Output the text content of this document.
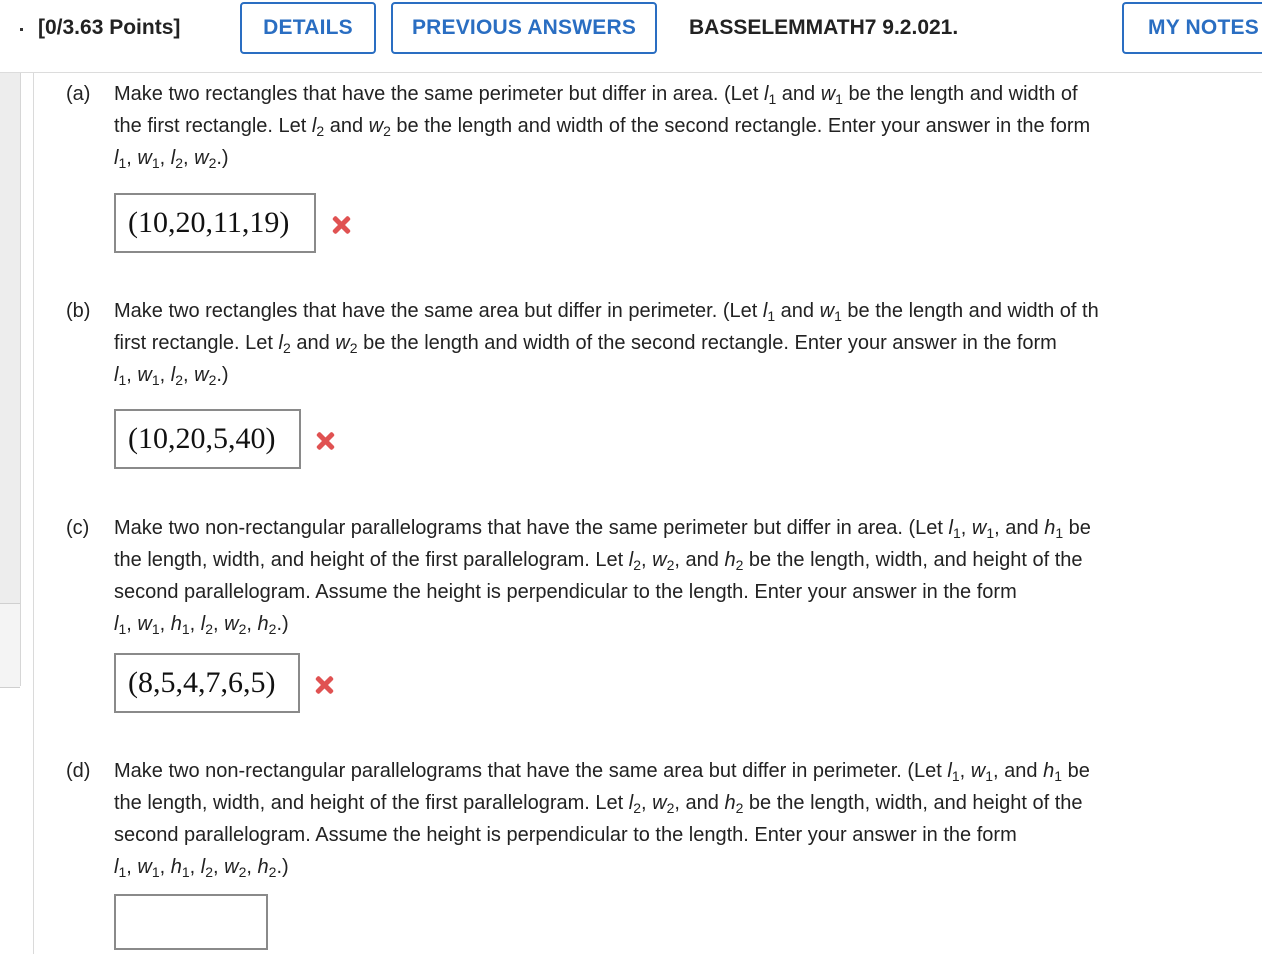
[0/3.63 Points]	DETAILS	PREVIOUS ANSWERS	BASSELEMMATH7 9.2.021.	MY NOTES
(a) Make two rectangles that have the same perimeter but differ in area. (Let $l_1$ and $w_1$ be the length and width of
the first rectangle. Let $l_2$ and $w_2$ be the length and width of the second rectangle. Enter your answer in the form
$l_1$, $w_1$, $l_2$, $w_2$.)
(10,20,11,19)
(b) Make two rectangles that have the same area but differ in perimeter. (Let $l_1$ and $w_1$ be the length and width of th
first rectangle. Let $l_2$ and $w_2$ be the length and width of the second rectangle. Enter your answer in the form
$l_1$, $w_1$, $l_2$, $w_2$.)
(10,20,5,40)
(c) Make two non-rectangular parallelograms that have the same perimeter but differ in area. (Let $l_1$, $w_1$, and $h_1$ be
the length, width, and height of the first parallelogram. Let $l_2$, $w_2$, and $h_2$ be the length, width, and height of the
second parallelogram. Assume the height is perpendicular to the length. Enter your answer in the form
$l_1$, $w_1$, $h_1$, $l_2$, $w_2$, $h_2$.)
(8,5,4,7,6,5)
(d) Make two non-rectangular parallelograms that have the same area but differ in perimeter. (Let $l_1$, $w_1$, and $h_1$ be
the length, width, and height of the first parallelogram. Let $l_2$, $w_2$, and $h_2$ be the length, width, and height of the
second parallelogram. Assume the height is perpendicular to the length. Enter your answer in the form
$l_1$, $w_1$, $h_1$, $l_2$, $w_2$, $h_2$.)
